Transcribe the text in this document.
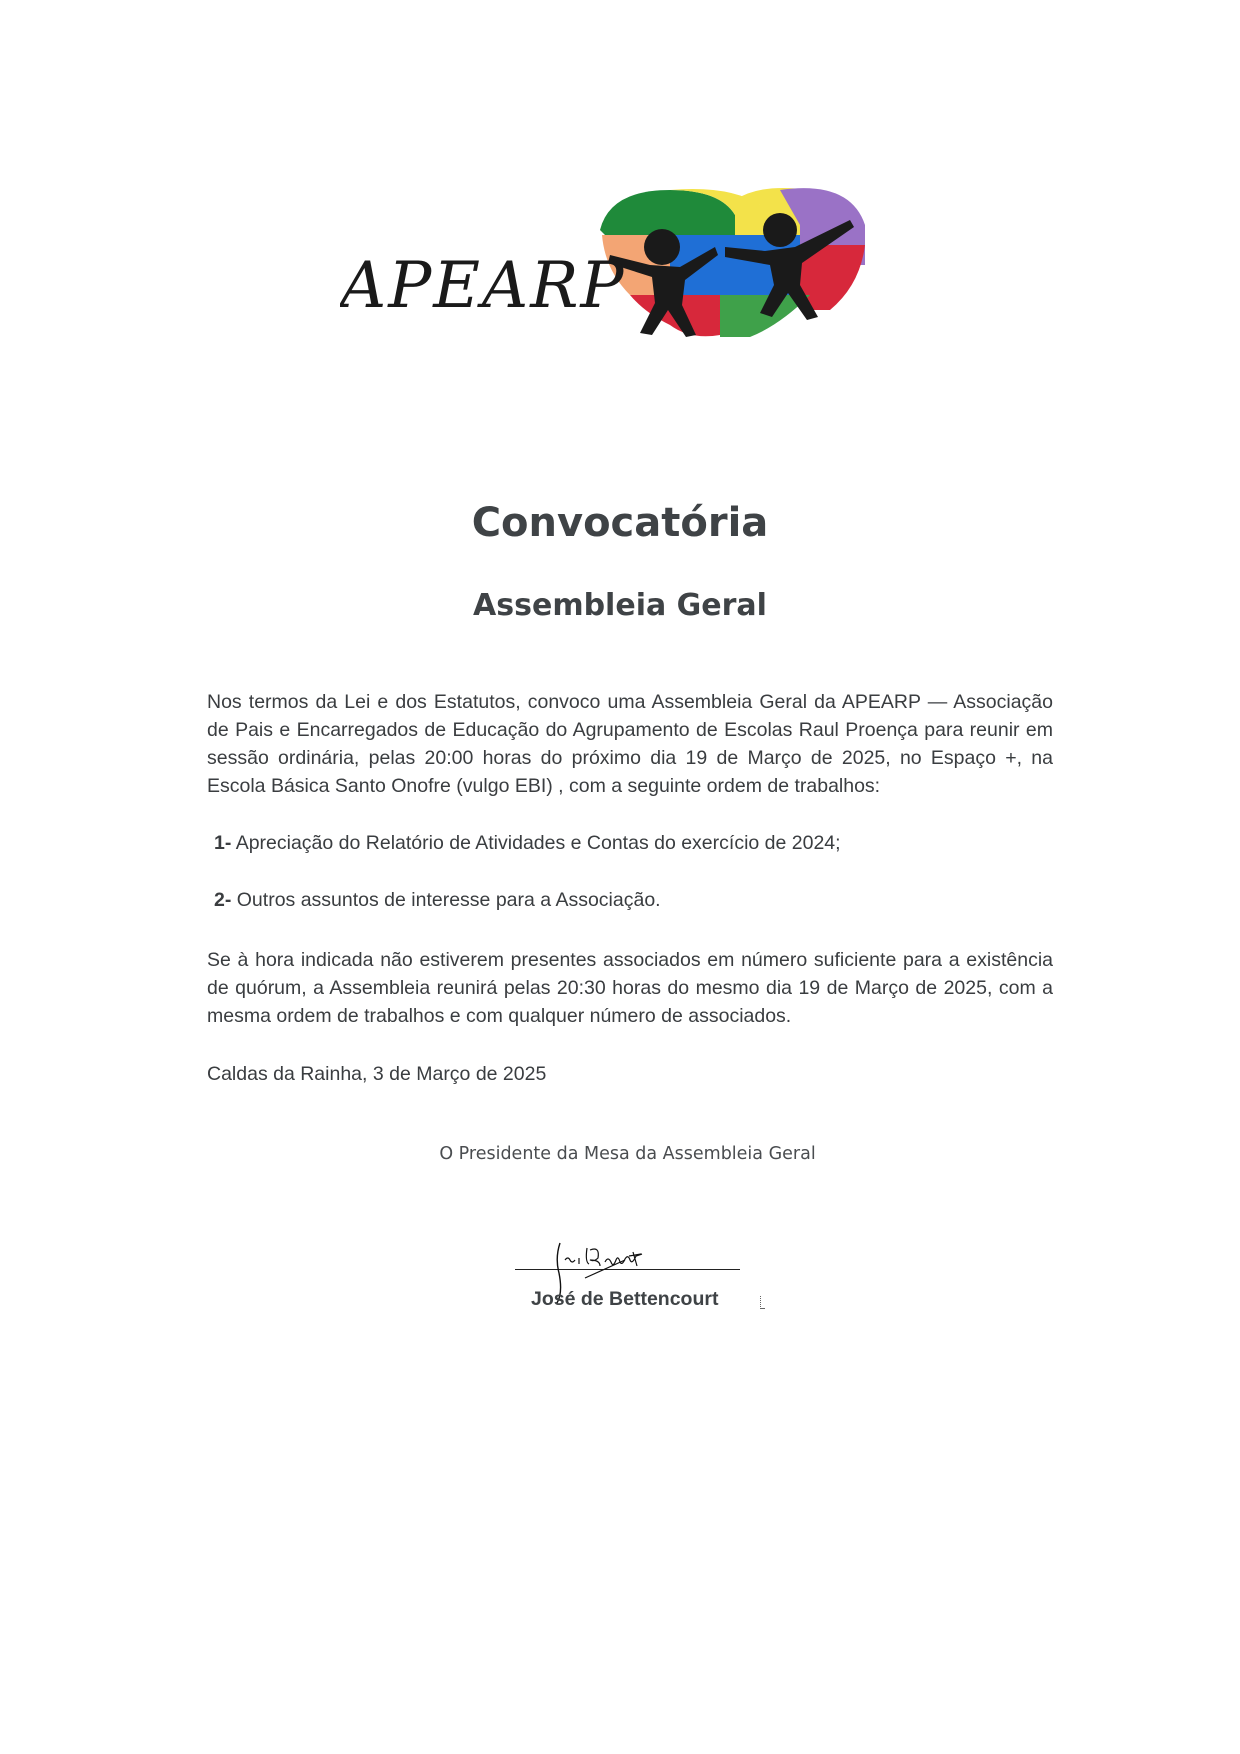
APEARP
Convocatória
Assembleia Geral

Nos termos da Lei e dos Estatutos, convoco uma Assembleia Geral da APEARP — Associação de Pais e Encarregados de Educação do Agrupamento de Escolas Raul Proença para reunir em sessão ordinária, pelas 20:00 horas do próximo dia 19 de Março de 2025, no Espaço +, na Escola Básica Santo Onofre (vulgo EBI) , com a seguinte ordem de trabalhos:

1- Apreciação do Relatório de Atividades e Contas do exercício de 2024;

2- Outros assuntos de interesse para a Associação.

Se à hora indicada não estiverem presentes associados em número suficiente para a existência de quórum, a Assembleia reunirá pelas 20:30 horas do mesmo dia 19 de Março de 2025, com a mesma ordem de trabalhos e com qualquer número de associados.

Caldas da Rainha, 3 de Março de 2025

O Presidente da Mesa da Assembleia Geral

José de Bettencourt
